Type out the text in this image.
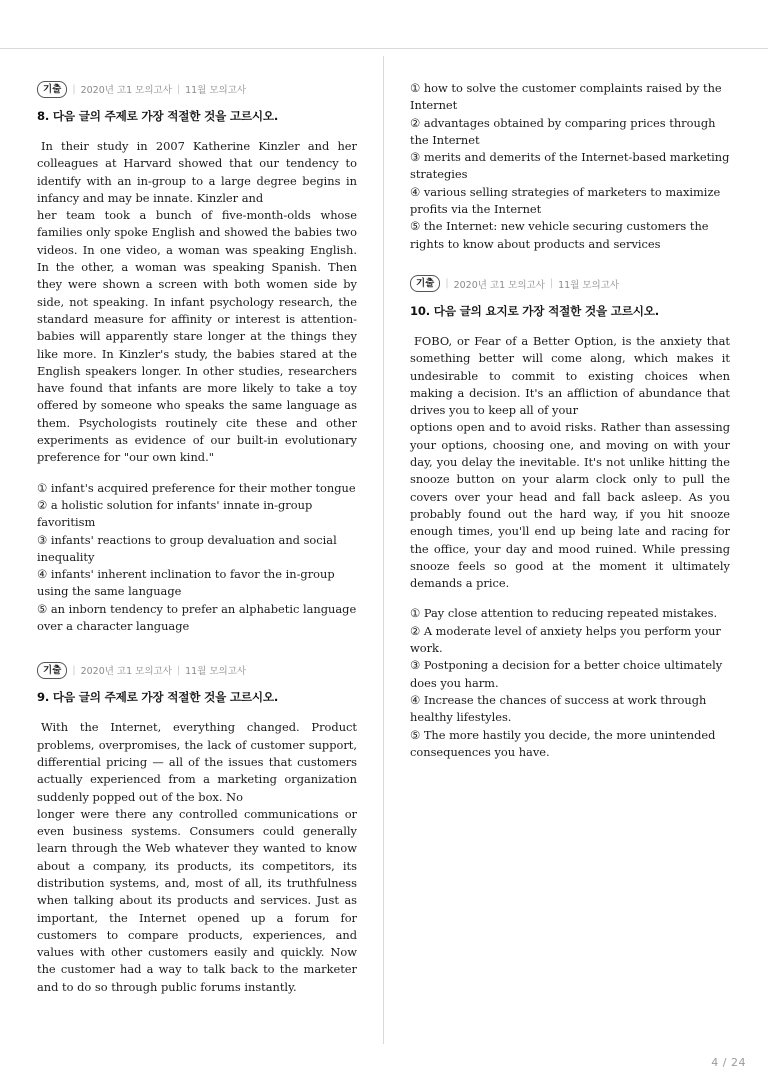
기출	| 2020년 고1 모의고사 | 11월 모의고사
8. 다음 글의 주제로 가장 적절한 것을 고르시오.

In their study in 2007 Katherine Kinzler and her colleagues at Harvard showed that our tendency to identify with an in-group to a large degree begins in infancy and may be innate. Kinzler and

her team took a bunch of five-month-olds whose families only spoke English and showed the babies two videos. In one video, a woman was speaking English. In the other, a woman was speaking Spanish. Then they were shown a screen with both women side by side, not speaking. In infant psychology research, the standard measure for affinity or interest is attention-babies will apparently stare longer at the things they like more. In Kinzler's study, the babies stared at the English speakers longer. In other studies, researchers have found that infants are more likely to take a toy offered by someone who speaks the same language as them. Psychologists routinely cite these and other experiments as evidence of our built-in evolutionary preference for "our own kind."

① infant's acquired preference for their mother tongue
② a holistic solution for infants' innate in-group favoritism
③ infants' reactions to group devaluation and social inequality
④ infants' inherent inclination to favor the in-group using the same language
⑤ an inborn tendency to prefer an alphabetic language over a character language
기출	| 2020년 고1 모의고사 | 11월 모의고사
9. 다음 글의 주제로 가장 적절한 것을 고르시오.

With the Internet, everything changed. Product problems, overpromises, the lack of customer support, differential pricing — all of the issues that customers actually experienced from a marketing organization suddenly popped out of the box. No

longer were there any controlled communications or even business systems. Consumers could generally learn through the Web whatever they wanted to know about a company, its products, its competitors, its distribution systems, and, most of all, its truthfulness when talking about its products and services. Just as important, the Internet opened up a forum for customers to compare products, experiences, and values with other customers easily and quickly. Now the customer had a way to talk back to the marketer and to do so through public forums instantly.

① how to solve the customer complaints raised by the Internet
② advantages obtained by comparing prices through the Internet
③ merits and demerits of the Internet-based marketing strategies
④ various selling strategies of marketers to maximize profits via the Internet
⑤ the Internet: new vehicle securing customers the rights to know about products and services
기출	| 2020년 고1 모의고사 | 11월 모의고사
10. 다음 글의 요지로 가장 적절한 것을 고르시오.

FOBO, or Fear of a Better Option, is the anxiety that something better will come along, which makes it undesirable to commit to existing choices when making a decision. It's an affliction of abundance that drives you to keep all of your

options open and to avoid risks. Rather than assessing your options, choosing one, and moving on with your day, you delay the inevitable. It's not unlike hitting the snooze button on your alarm clock only to pull the covers over your head and fall back asleep. As you probably found out the hard way, if you hit snooze enough times, you'll end up being late and racing for the office, your day and mood ruined. While pressing snooze feels so good at the moment it ultimately demands a price.

① Pay close attention to reducing repeated mistakes.
② A moderate level of anxiety helps you perform your work.
③ Postponing a decision for a better choice ultimately does you harm.
④ Increase the chances of success at work through healthy lifestyles.
⑤ The more hastily you decide, the more unintended consequences you have.
4 / 24
